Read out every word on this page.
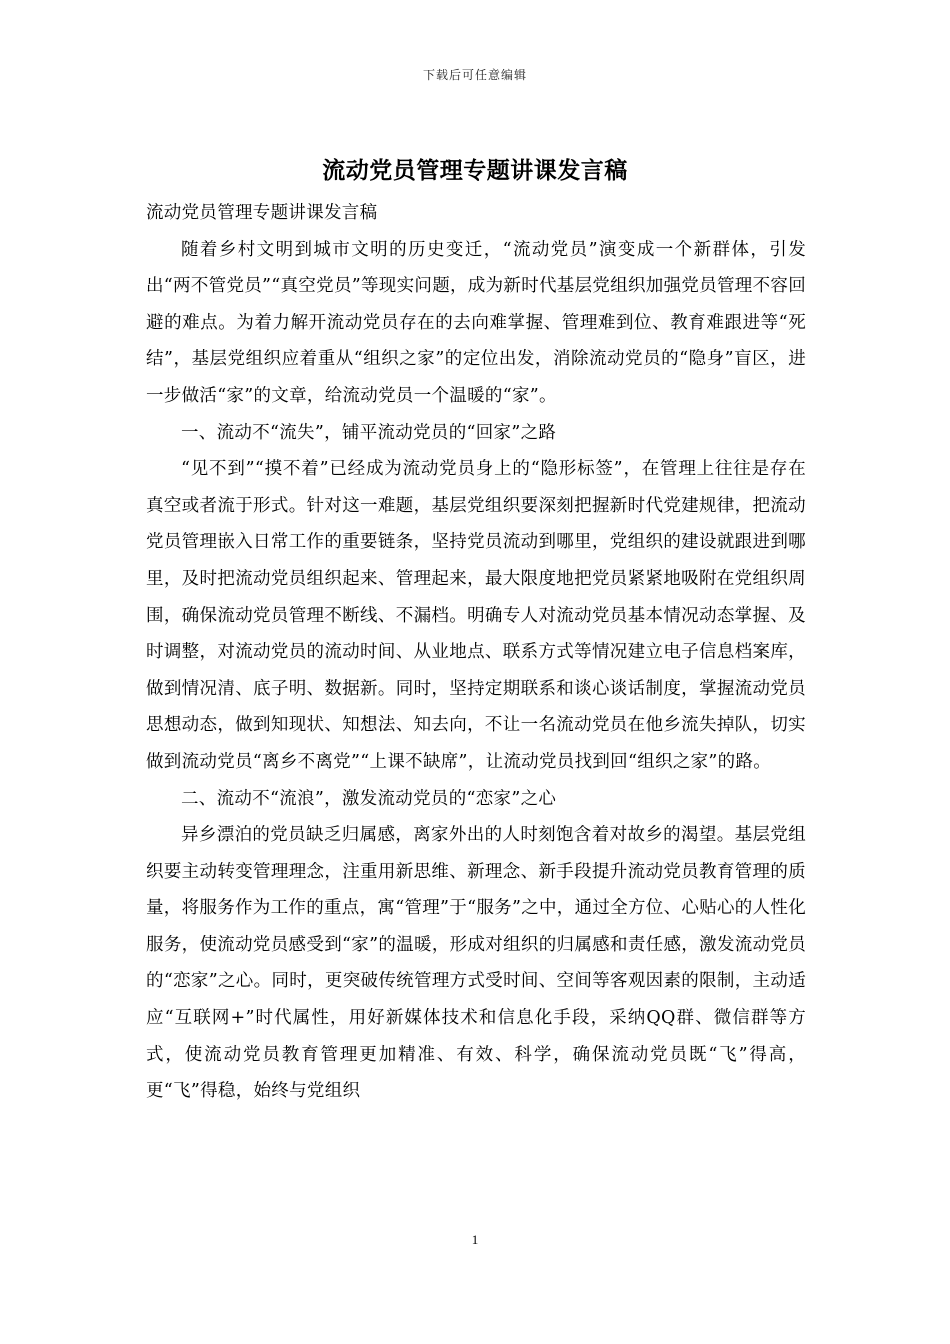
下载后可任意编辑
流动党员管理专题讲课发言稿

流动党员管理专题讲课发言稿

随着乡村文明到城市文明的历史变迁，“流动党员”演变成一个新群体，引发出“两不管党员”“真空党员”等现实问题，成为新时代基层党组织加强党员管理不容回避的难点。为着力解开流动党员存在的去向难掌握、管理难到位、教育难跟进等“死结”，基层党组织应着重从“组织之家”的定位出发，消除流动党员的“隐身”盲区，进一步做活“家”的文章，给流动党员一个温暖的“家”。

一、流动不“流失”，铺平流动党员的“回家”之路

“见不到”“摸不着”已经成为流动党员身上的“隐形标签”，在管理上往往是存在真空或者流于形式。针对这一难题，基层党组织要深刻把握新时代党建规律，把流动党员管理嵌入日常工作的重要链条，坚持党员流动到哪里，党组织的建设就跟进到哪里，及时把流动党员组织起来、管理起来，最大限度地把党员紧紧地吸附在党组织周围，确保流动党员管理不断线、不漏档。明确专人对流动党员基本情况动态掌握、及时调整，对流动党员的流动时间、从业地点、联系方式等情况建立电子信息档案库，做到情况清、底子明、数据新。同时，坚持定期联系和谈心谈话制度，掌握流动党员思想动态，做到知现状、知想法、知去向，不让一名流动党员在他乡流失掉队，切实做到流动党员“离乡不离党”“上课不缺席”，让流动党员找到回“组织之家”的路。

二、流动不“流浪”，激发流动党员的“恋家”之心

异乡漂泊的党员缺乏归属感，离家外出的人时刻饱含着对故乡的渴望。基层党组织要主动转变管理理念，注重用新思维、新理念、新手段提升流动党员教育管理的质量，将服务作为工作的重点，寓“管理”于“服务”之中，通过全方位、心贴心的人性化服务，使流动党员感受到“家”的温暖，形成对组织的归属感和责任感，激发流动党员的“恋家”之心。同时，更突破传统管理方式受时间、空间等客观因素的限制，主动适应“互联网+”时代属性，用好新媒体技术和信息化手段，采纳QQ群、微信群等方式，使流动党员教育管理更加精准、有效、科学，确保流动党员既“飞”得高，更“飞”得稳，始终与党组织

1
